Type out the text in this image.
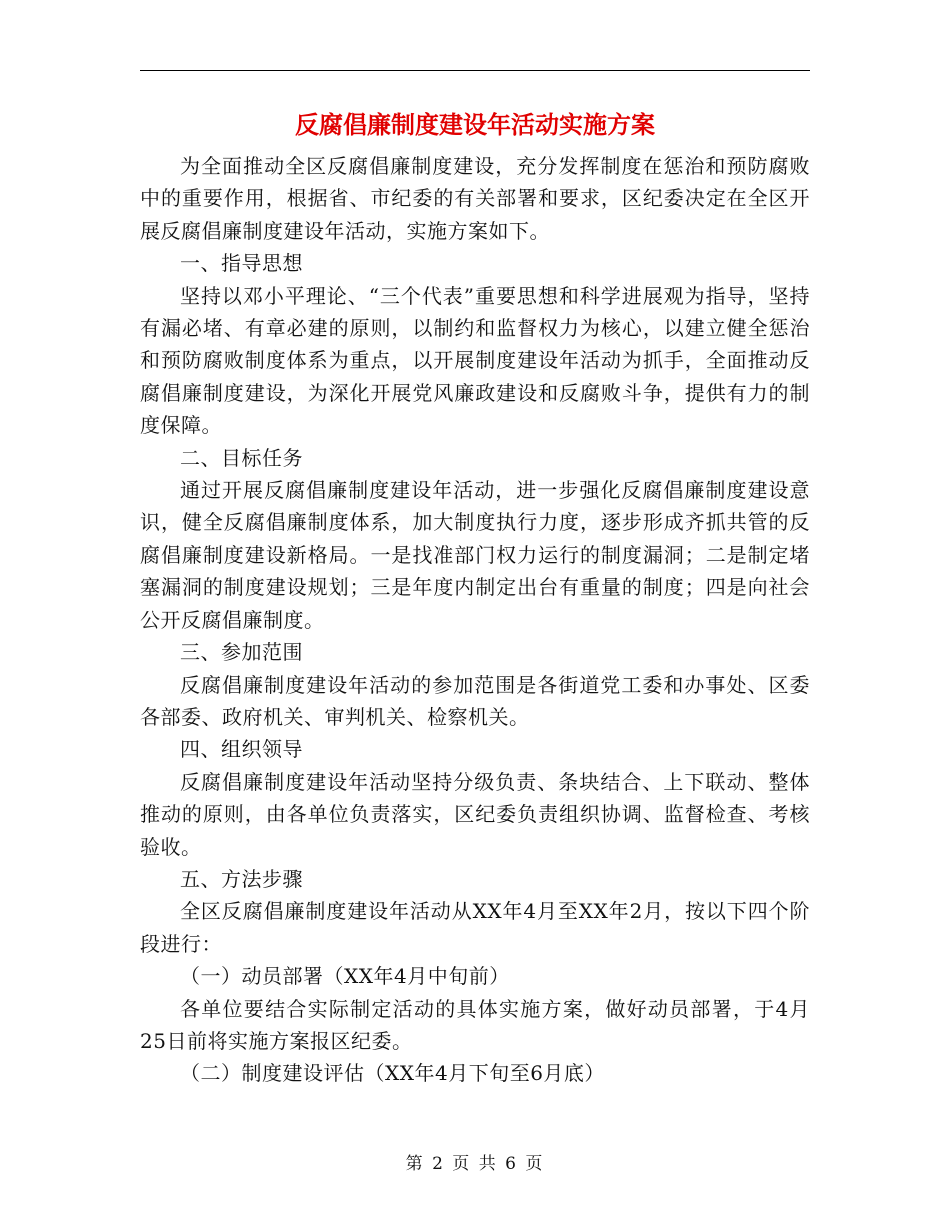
反腐倡廉制度建设年活动实施方案

为全面推动全区反腐倡廉制度建设，充分发挥制度在惩治和预防腐败中的重要作用，根据省、市纪委的有关部署和要求，区纪委决定在全区开展反腐倡廉制度建设年活动，实施方案如下。

一、指导思想

坚持以邓小平理论、“三个代表”重要思想和科学进展观为指导，坚持有漏必堵、有章必建的原则，以制约和监督权力为核心，以建立健全惩治和预防腐败制度体系为重点，以开展制度建设年活动为抓手，全面推动反腐倡廉制度建设，为深化开展党风廉政建设和反腐败斗争，提供有力的制度保障。

二、目标任务

通过开展反腐倡廉制度建设年活动，进一步强化反腐倡廉制度建设意识，健全反腐倡廉制度体系，加大制度执行力度，逐步形成齐抓共管的反腐倡廉制度建设新格局。一是找准部门权力运行的制度漏洞；二是制定堵塞漏洞的制度建设规划；三是年度内制定出台有重量的制度；四是向社会公开反腐倡廉制度。

三、参加范围

反腐倡廉制度建设年活动的参加范围是各街道党工委和办事处、区委各部委、政府机关、审判机关、检察机关。

四、组织领导

反腐倡廉制度建设年活动坚持分级负责、条块结合、上下联动、整体推动的原则，由各单位负责落实，区纪委负责组织协调、监督检查、考核验收。

五、方法步骤

全区反腐倡廉制度建设年活动从XX年4月至XX年2月，按以下四个阶段进行：

（一）动员部署（XX年4月中旬前）

各单位要结合实际制定活动的具体实施方案，做好动员部署，于4月25日前将实施方案报区纪委。

（二）制度建设评估（XX年4月下旬至6月底）

第 2 页 共 6 页
